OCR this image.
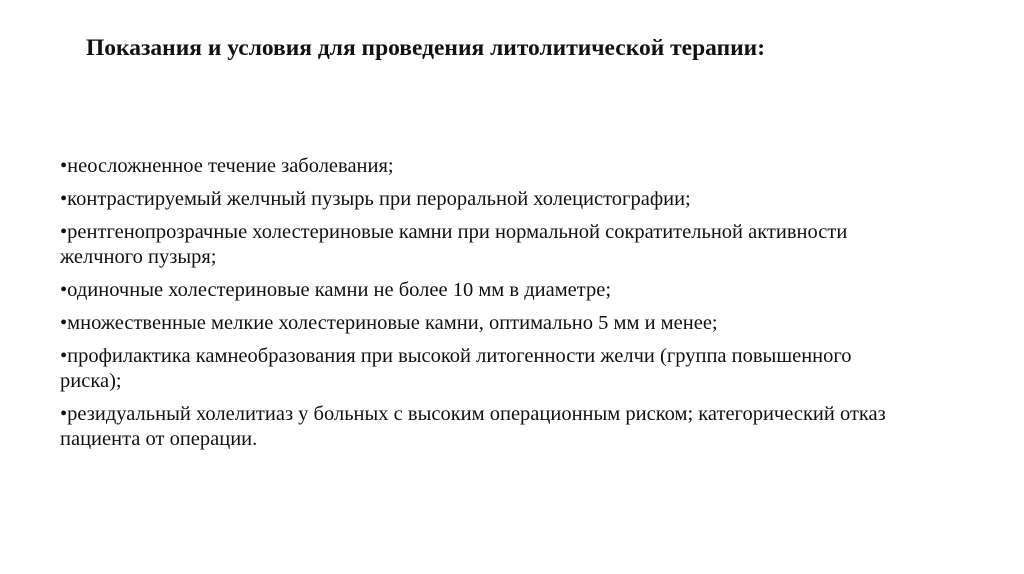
Показания и условия для проведения литолитической терапии:
•неосложненное течение заболевания;
•контрастируемый желчный пузырь при пероральной холецистографии;
•рентгенопрозрачные холестериновые камни при нормальной сократительной активности желчного пузыря;
•одиночные холестериновые камни не более 10 мм в диаметре;
•множественные мелкие холестериновые камни, оптимально 5 мм и менее;
•профилактика камнеобразования при высокой литогенности желчи (группа повышенного риска);
•резидуальный холелитиаз у больных с высоким операционным риском; категорический отказ пациента от операции.
